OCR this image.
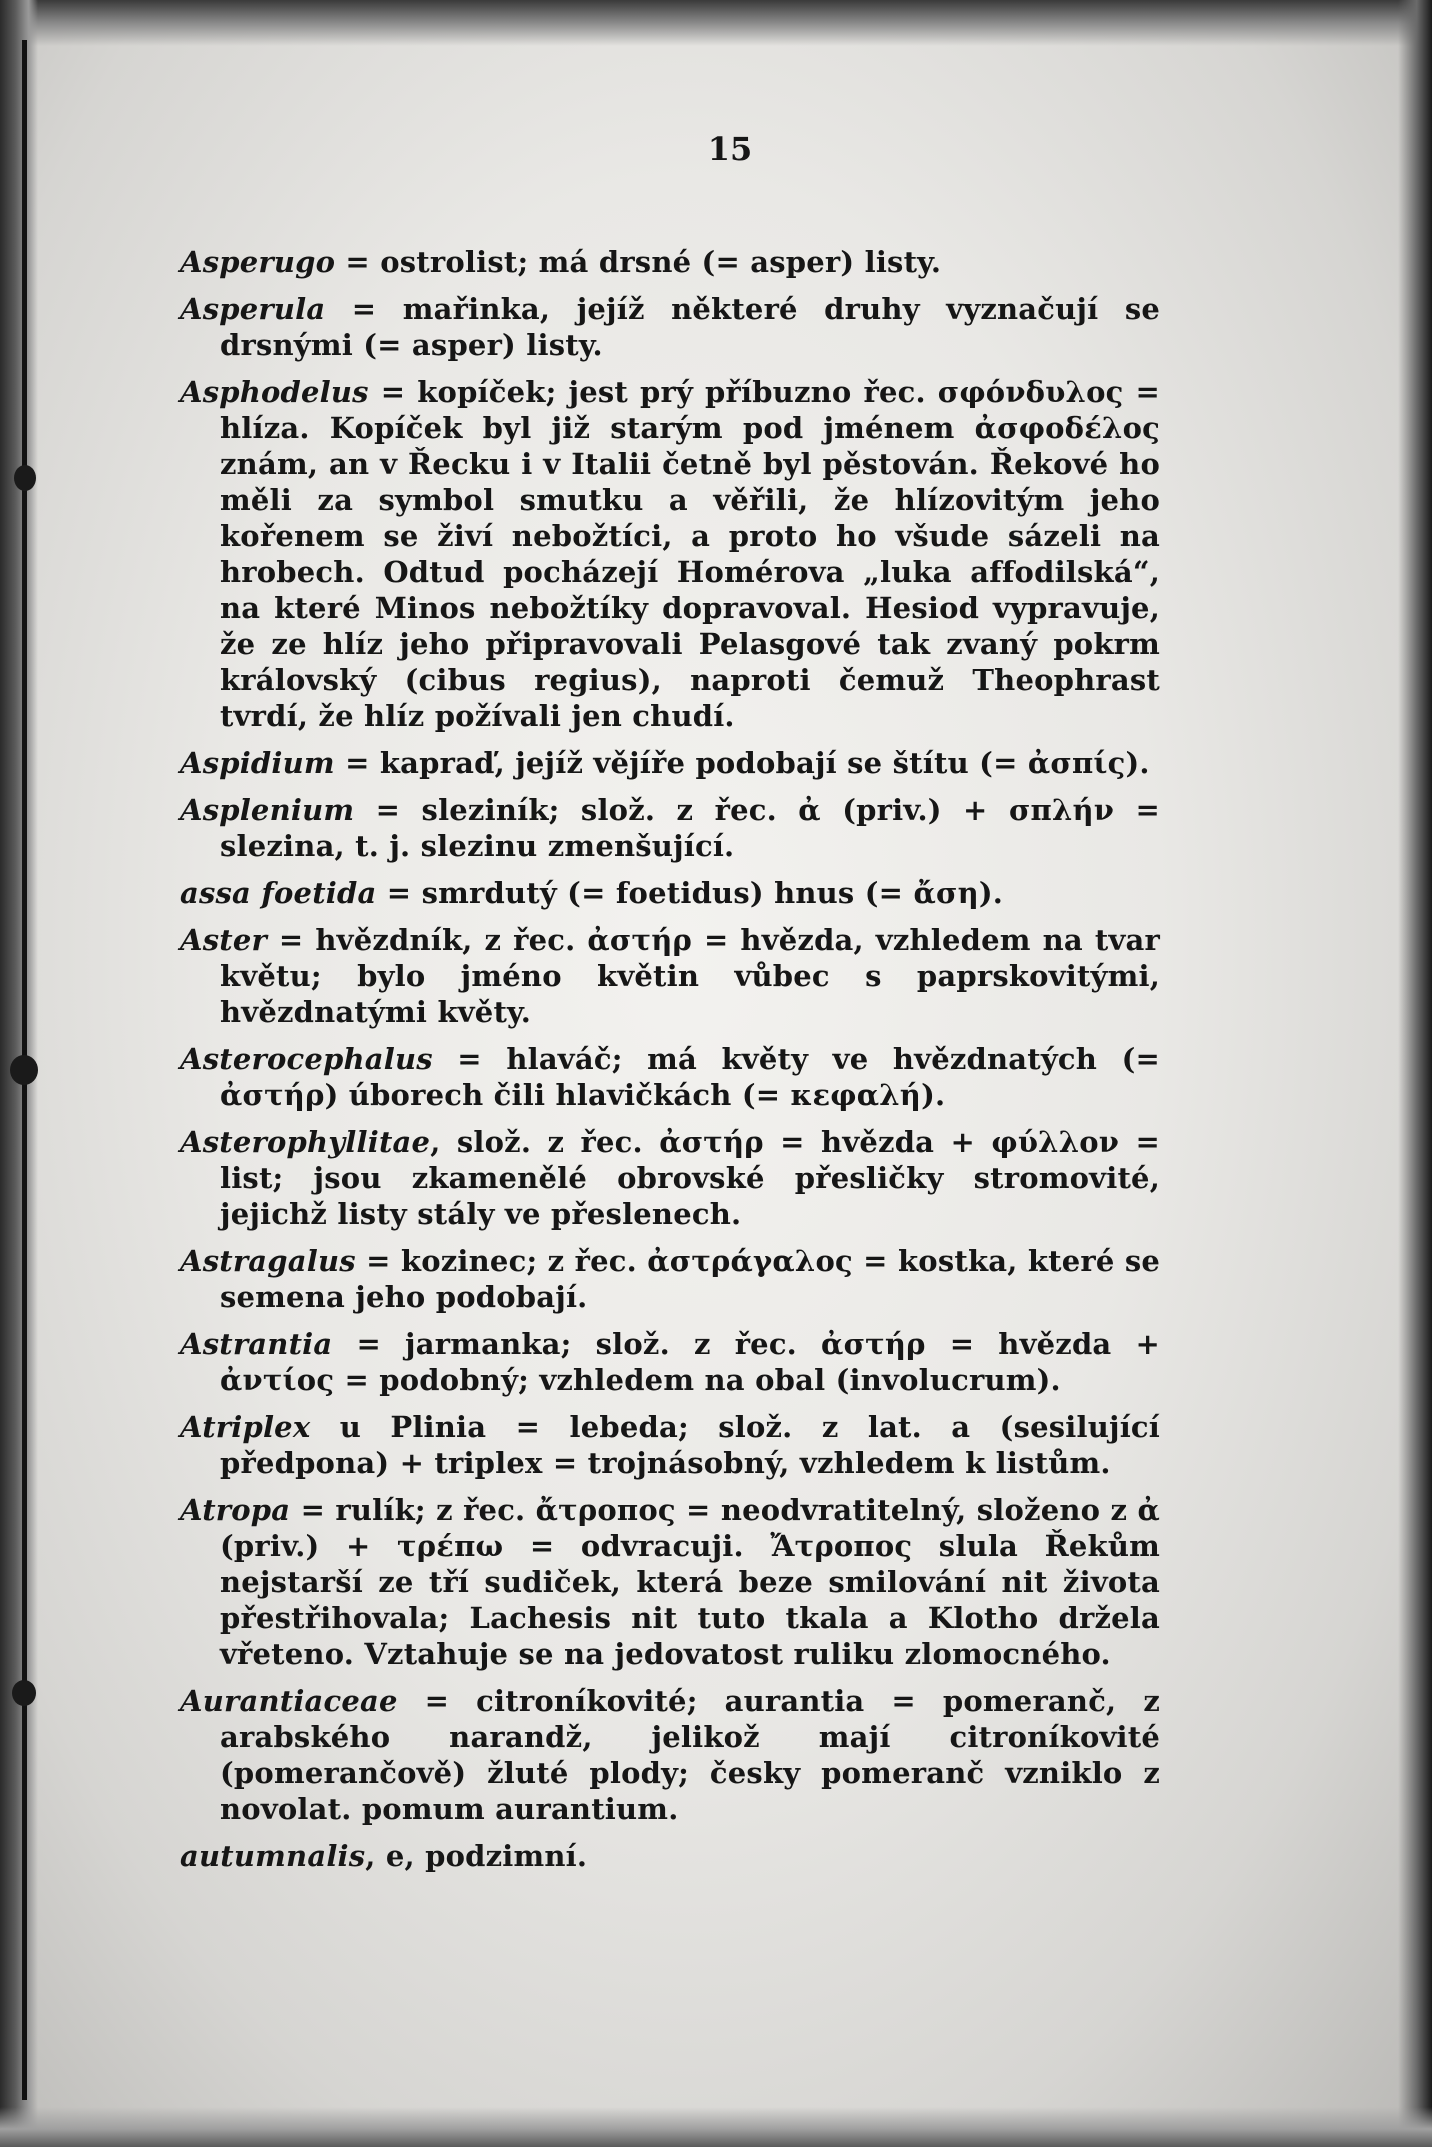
15

Asperugo = ostrolist; má drsné (= asper) listy.

Asperula = mařinka, jejíž některé druhy vyznačují se drsnými (= asper) listy.

Asphodelus = kopíček; jest prý příbuzno řec. σφόνδυλος = hlíza. Kopíček byl již starým pod jménem ἀσφοδέλος znám, an v Řecku i v Italii četně byl pěstován. Řekové ho měli za symbol smutku a věřili, že hlízovitým jeho kořenem se živí nebožtíci, a proto ho všude sázeli na hrobech. Odtud pocházejí Homérova „luka affodilská“, na které Minos nebožtíky dopravoval. Hesiod vypravuje, že ze hlíz jeho připravovali Pelasgové tak zvaný pokrm královský (cibus regius), naproti čemuž Theophrast tvrdí, že hlíz požívali jen chudí.

Aspidium = kapraď, jejíž vějíře podobají se štítu (= ἀσπίς).

Asplenium = sleziník; slož. z řec. ἀ (priv.) + σπλήν = slezina, t. j. slezinu zmenšující.

assa foetida = smrdutý (= foetidus) hnus (= ἄση).

Aster = hvězdník, z řec. ἀστήρ = hvězda, vzhledem na tvar květu; bylo jméno květin vůbec s paprskovitými, hvězdnatými květy.

Asterocephalus = hlaváč; má květy ve hvězdnatých (= ἀστήρ) úborech čili hlavičkách (= κεφαλή).

Asterophyllitae, slož. z řec. ἀστήρ = hvězda + φύλλον = list; jsou zkamenělé obrovské přesličky stromovité, jejichž listy stály ve přeslenech.

Astragalus = kozinec; z řec. ἀστράγαλος = kostka, které se semena jeho podobají.

Astrantia = jarmanka; slož. z řec. ἀστήρ = hvězda + ἀντίος = podobný; vzhledem na obal (involucrum).

Atriplex u Plinia = lebeda; slož. z lat. a (sesilující předpona) + triplex = trojnásobný, vzhledem k listům.

Atropa = rulík; z řec. ἄτροπος = neodvratitelný, složeno z ἀ (priv.) + τρέπω = odvracuji. Ἄτροπος slula Řekům nejstarší ze tří sudiček, která beze smilování nit života přestřihovala; Lachesis nit tuto tkala a Klotho držela vřeteno. Vztahuje se na jedovatost ruliku zlomocného.

Aurantiaceae = citroníkovité; aurantia = pomeranč, z arabského narandž, jelikož mají citroníkovité (pomerančově) žluté plody; česky pomeranč vzniklo z novolat. pomum aurantium.

autumnalis, e, podzimní.
